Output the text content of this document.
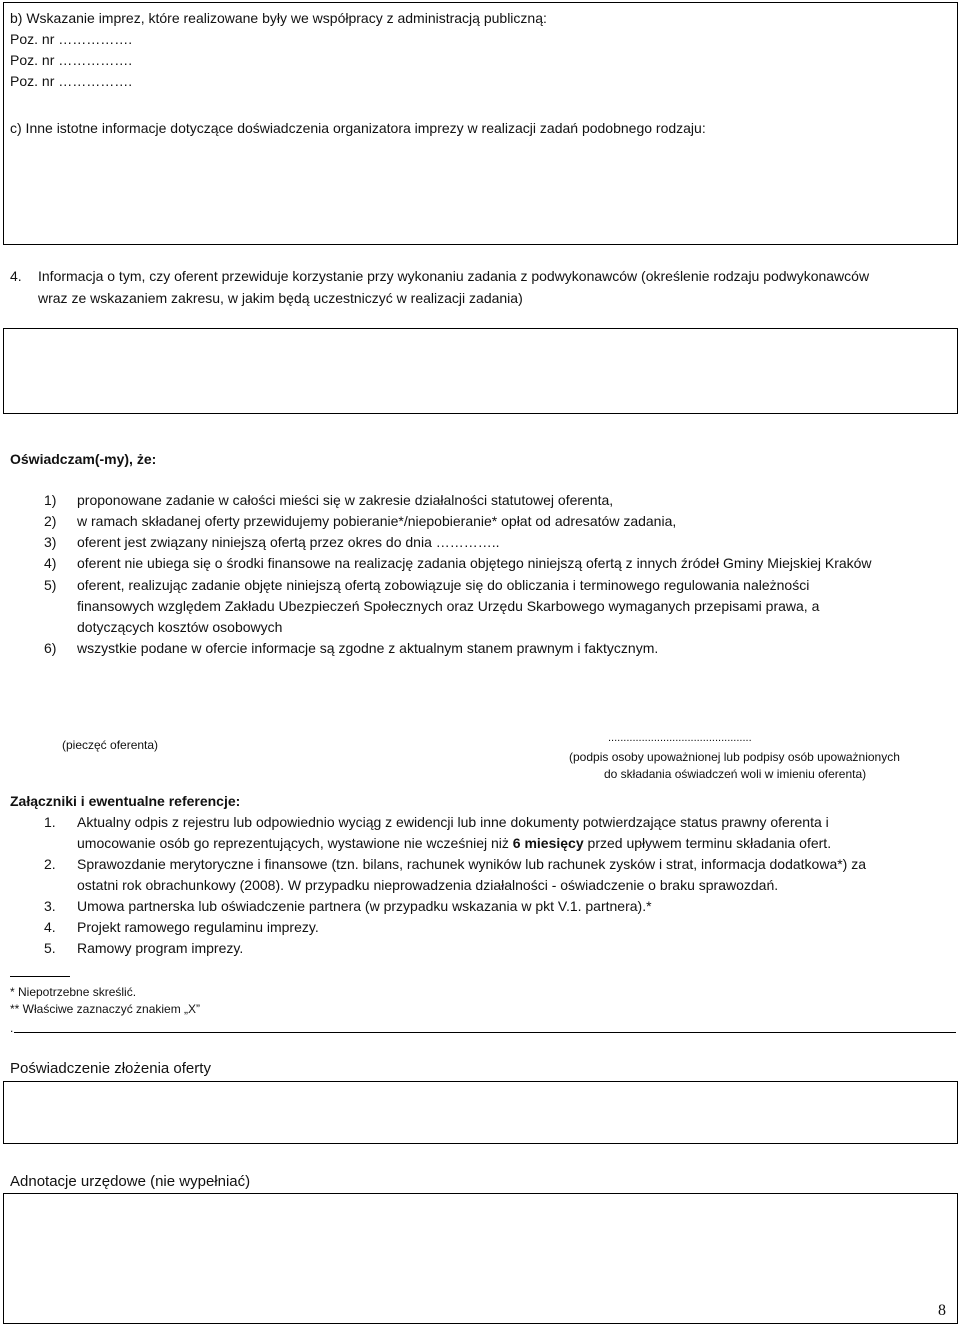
b) Wskazanie imprez, które realizowane były we współpracy z administracją publiczną:
Poz. nr …………….
Poz. nr …………….
Poz. nr …………….
c) Inne istotne informacje dotyczące doświadczenia organizatora imprezy w realizacji zadań podobnego rodzaju:
4. Informacja o tym, czy oferent przewiduje korzystanie przy wykonaniu zadania z podwykonawców (określenie rodzaju podwykonawców
wraz ze wskazaniem zakresu, w jakim będą uczestniczyć w realizacji zadania)
Oświadczam(-my), że:
1) proponowane zadanie w całości mieści się w zakresie działalności statutowej oferenta,
2) w ramach składanej oferty przewidujemy pobieranie*/niepobieranie* opłat od adresatów zadania,
3) oferent jest związany niniejszą ofertą przez okres do dnia …………..
4) oferent nie ubiega się o środki finansowe na realizację zadania objętego niniejszą ofertą z innych źródeł Gminy Miejskiej Kraków
5) oferent, realizując zadanie objęte niniejszą ofertą zobowiązuje się do obliczania i terminowego regulowania należności
finansowych względem Zakładu Ubezpieczeń Społecznych oraz Urzędu Skarbowego wymaganych przepisami prawa, a
dotyczących kosztów osobowych
6) wszystkie podane w ofercie informacje są zgodne z aktualnym stanem prawnym i faktycznym.
(pieczęć oferenta)	...............................................
(podpis osoby upoważnionej lub podpisy osób upoważnionych
do składania oświadczeń woli w imieniu oferenta)
Załączniki i ewentualne referencje:
1. Aktualny odpis z rejestru lub odpowiednio wyciąg z ewidencji lub inne dokumenty potwierdzające status prawny oferenta i
umocowanie osób go reprezentujących, wystawione nie wcześniej niż 6 miesięcy przed upływem terminu składania ofert.
2. Sprawozdanie merytoryczne i finansowe (tzn. bilans, rachunek wyników lub rachunek zysków i strat, informacja dodatkowa*) za
ostatni rok obrachunkowy (2008). W przypadku nieprowadzenia działalności - oświadczenie o braku sprawozdań.
3. Umowa partnerska lub oświadczenie partnera (w przypadku wskazania w pkt V.1. partnera).*
4. Projekt ramowego regulaminu imprezy.
5. Ramowy program imprezy.
* Niepotrzebne skreślić.
** Właściwe zaznaczyć znakiem „X”
.
Poświadczenie złożenia oferty
Adnotacje urzędowe (nie wypełniać)
8
